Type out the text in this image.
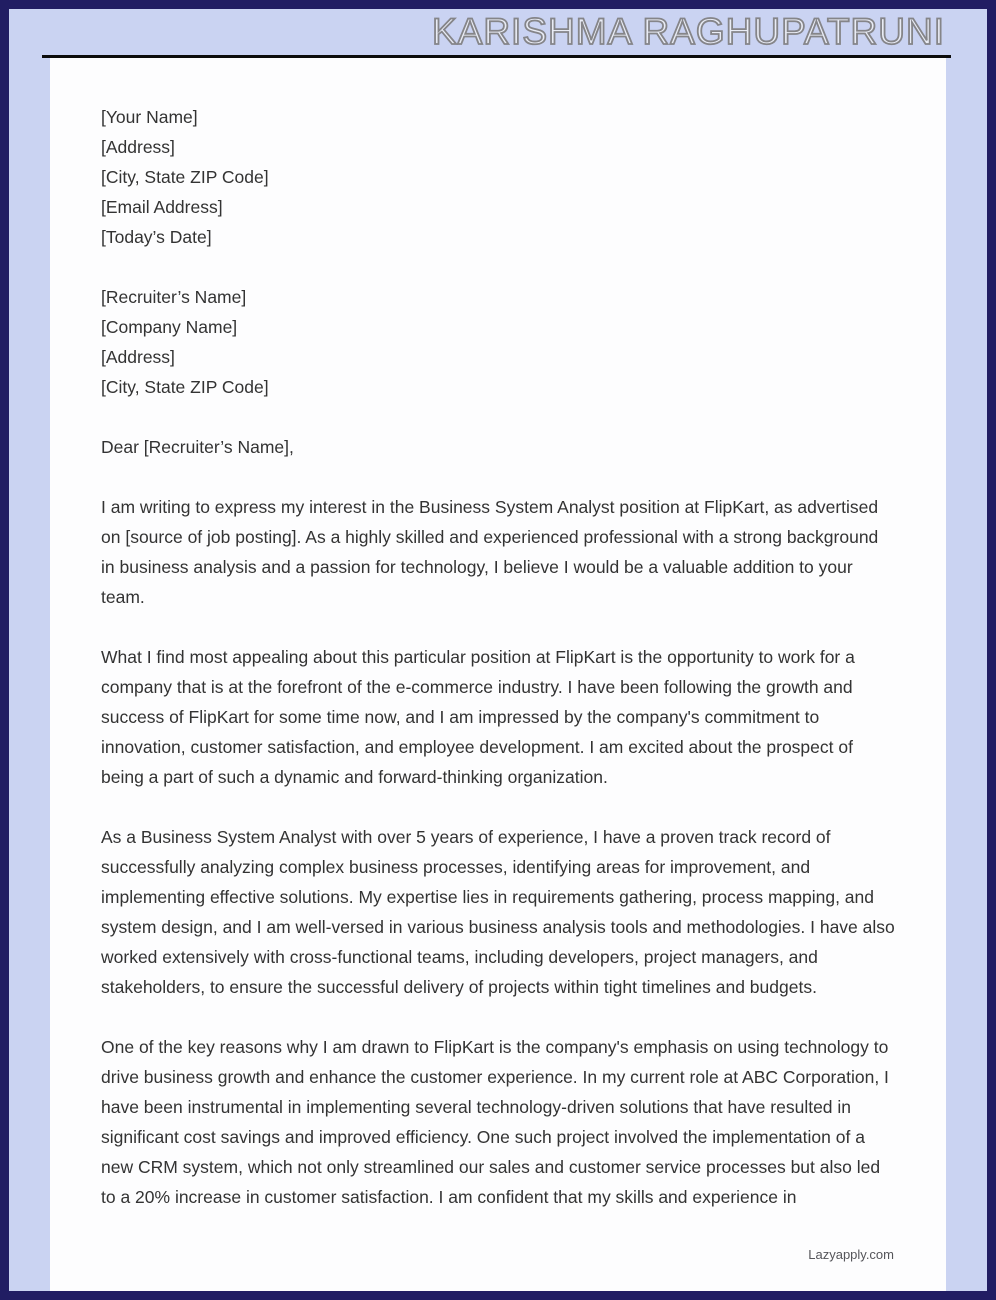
KARISHMA RAGHUPATRUNI
[Your Name]
[Address]
[City, State ZIP Code]
[Email Address]
[Today’s Date]
[Recruiter’s Name]
[Company Name]
[Address]
[City, State ZIP Code]

Dear [Recruiter’s Name],

I am writing to express my interest in the Business System Analyst position at FlipKart, as advertised on [source of job posting]. As a highly skilled and experienced professional with a strong background in business analysis and a passion for technology, I believe I would be a valuable addition to your team.

What I find most appealing about this particular position at FlipKart is the opportunity to work for a company that is at the forefront of the e-commerce industry. I have been following the growth and success of FlipKart for some time now, and I am impressed by the company's commitment to innovation, customer satisfaction, and employee development. I am excited about the prospect of being a part of such a dynamic and forward-thinking organization.

As a Business System Analyst with over 5 years of experience, I have a proven track record of successfully analyzing complex business processes, identifying areas for improvement, and implementing effective solutions. My expertise lies in requirements gathering, process mapping, and system design, and I am well-versed in various business analysis tools and methodologies. I have also worked extensively with cross-functional teams, including developers, project managers, and stakeholders, to ensure the successful delivery of projects within tight timelines and budgets.

One of the key reasons why I am drawn to FlipKart is the company's emphasis on using technology to drive business growth and enhance the customer experience. In my current role at ABC Corporation, I have been instrumental in implementing several technology-driven solutions that have resulted in significant cost savings and improved efficiency. One such project involved the implementation of a new CRM system, which not only streamlined our sales and customer service processes but also led to a 20% increase in customer satisfaction. I am confident that my skills and experience in

Lazyapply.com
